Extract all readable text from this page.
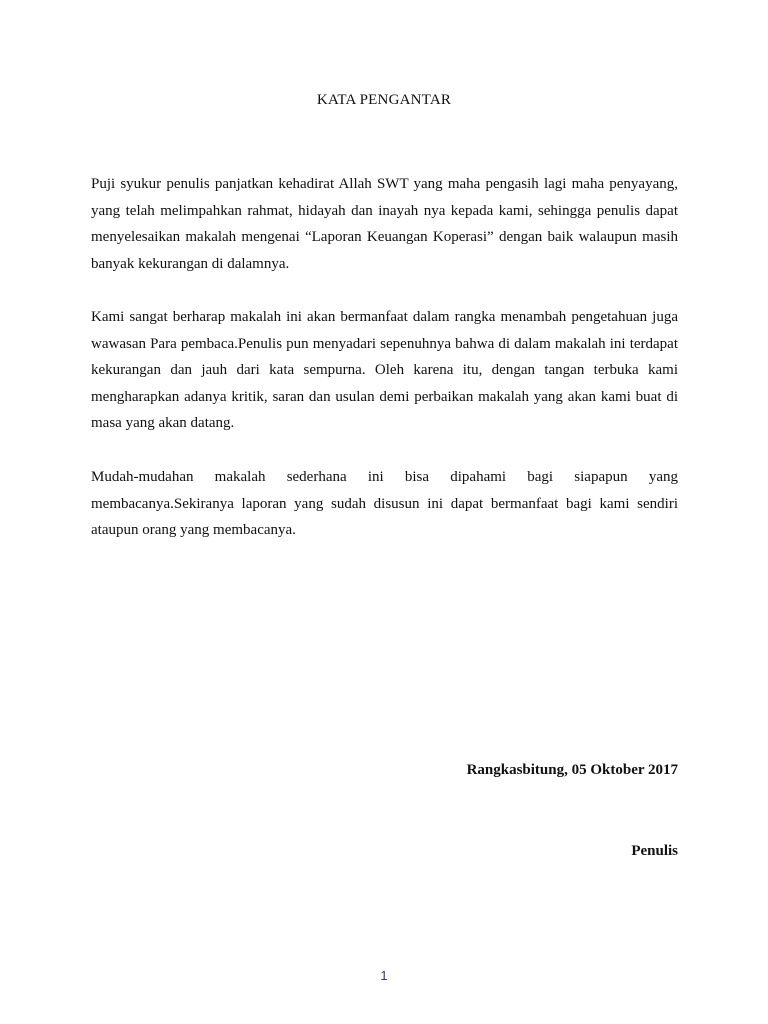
KATA PENGANTAR

Puji syukur penulis panjatkan kehadirat Allah SWT yang maha pengasih lagi maha penyayang, yang telah melimpahkan rahmat, hidayah dan inayah nya kepada kami, sehingga penulis dapat menyelesaikan makalah mengenai “Laporan Keuangan Koperasi” dengan baik walaupun masih banyak kekurangan di dalamnya.

Kami sangat berharap makalah ini akan bermanfaat dalam rangka menambah pengetahuan juga wawasan Para pembaca.Penulis pun menyadari sepenuhnya bahwa di dalam makalah ini terdapat kekurangan dan jauh dari kata sempurna. Oleh karena itu, dengan tangan terbuka kami mengharapkan adanya kritik, saran dan usulan demi perbaikan makalah yang akan kami buat di masa yang akan datang.

Mudah-mudahan makalah sederhana ini bisa dipahami bagi siapapun yang membacanya.Sekiranya laporan yang sudah disusun ini dapat bermanfaat bagi kami sendiri ataupun orang yang membacanya.

Rangkasbitung, 05 Oktober 2017
Penulis
1
